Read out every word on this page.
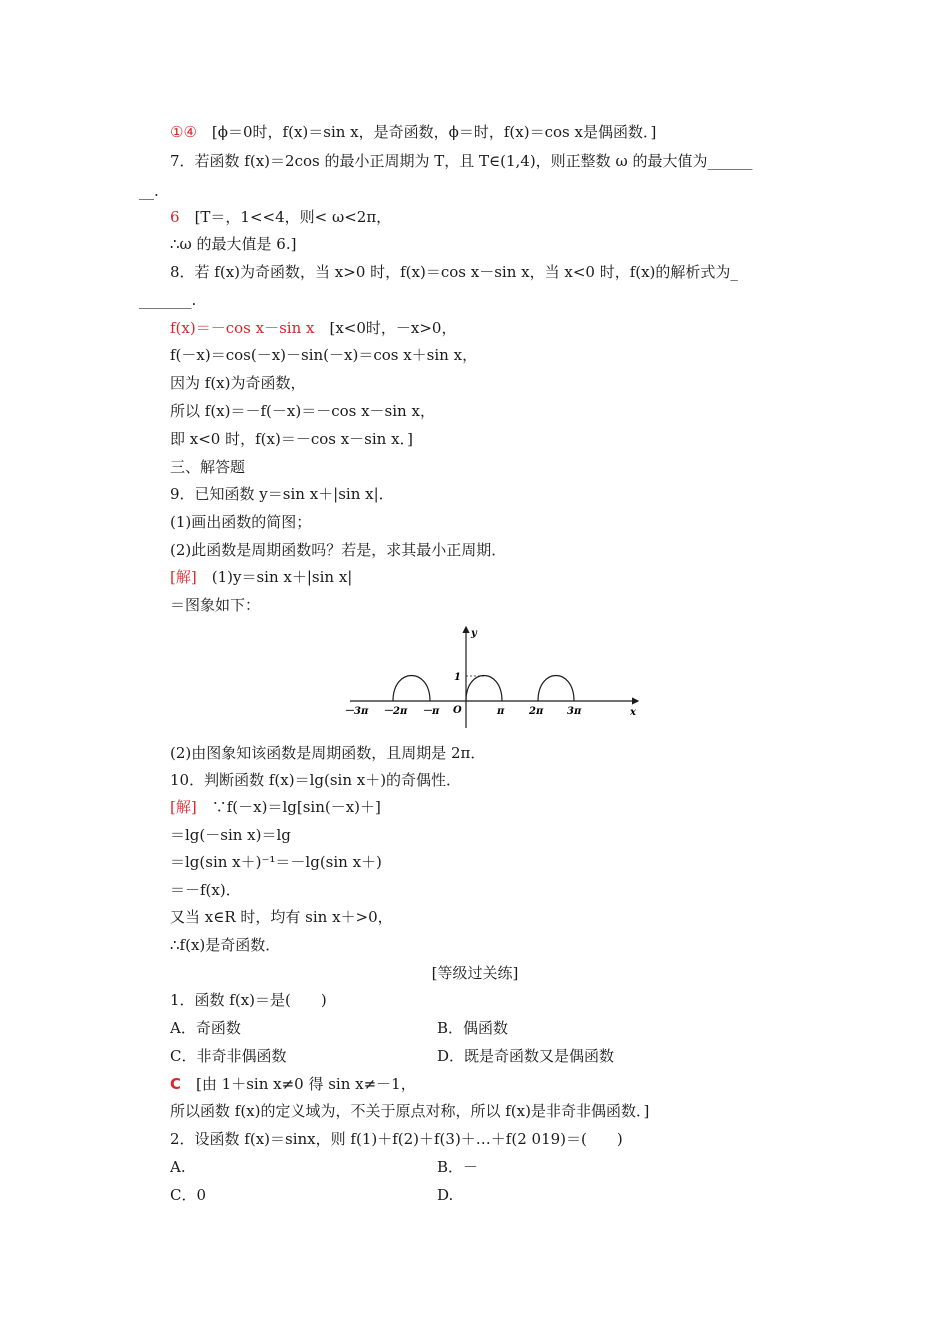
①④　 [ϕ＝0时，f(x)＝sin x，是奇函数，ϕ＝时，f(x)＝cos x是偶函数．]
7．若函数 f(x)＝2cos 的最小正周期为 T，且 T∈(1,4)，则正整数 ω 的最大值为______
__.
6　 [T＝，1<<4，则< ω<2π，
∴ω 的最大值是 6.]
8．若 f(x)为奇函数，当 x>0 时，f(x)＝cos x－sin x，当 x<0 时，f(x)的解析式为_
_______.
f(x)＝－cos x－sin x　 [x<0时，－x>0，
f(－x)＝cos(－x)－sin(－x)＝cos x＋sin x，
因为 f(x)为奇函数，
所以 f(x)＝－f(－x)＝－cos x－sin x，
即 x<0 时，f(x)＝－cos x－sin x．]
三、解答题
9．已知函数 y＝sin x＋|sin x|．
(1)画出函数的简图；
(2)此函数是周期函数吗？若是，求其最小正周期．
[解]　 (1)y＝sin x＋|sin x|
＝图象如下：
y
x
O
1
－3π －2π －π	π 2π 3π
(2)由图象知该函数是周期函数，且周期是 2π．
10．判断函数 f(x)＝lg(sin x＋)的奇偶性．
[解]　 ∵f(－x)＝lg[sin(－x)＋]
＝lg(－sin x)＝lg
＝lg(sin x＋)⁻¹＝－lg(sin x＋)
＝－f(x)．
又当 x∈R 时，均有 sin x＋>0，
∴f(x)是奇函数．
[等级过关练]
1．函数 f(x)＝是(　　)
A．奇函数	B．偶函数
C．非奇非偶函数	D．既是奇函数又是偶函数
C　 [由 1＋sin x≠0 得 sin x≠－1，
所以函数 f(x)的定义域为，不关于原点对称，所以 f(x)是非奇非偶函数．]
2．设函数 f(x)＝sinx，则 f(1)＋f(2)＋f(3)＋…＋f(2 019)＝(　　)
A.	B．－
C．0	D.
